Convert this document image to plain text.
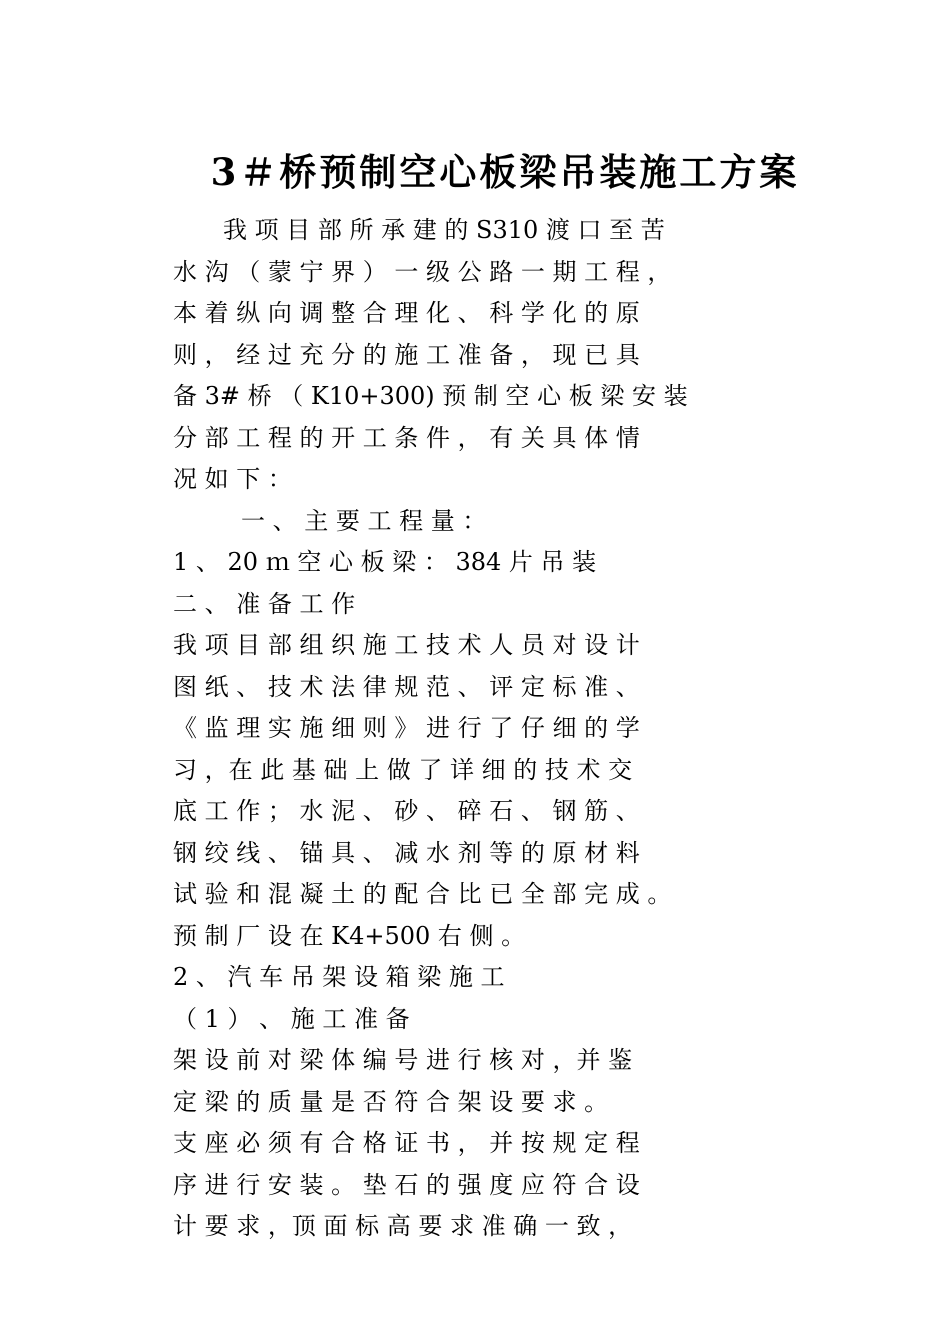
3＃桥预制空心板梁吊装施工方案
我 项 目 部 所 承 建 的 S310 渡 口 至 苦
水 沟 （ 蒙 宁 界 ） 一 级 公 路 一 期 工 程 ，
本 着 纵 向 调 整 合 理 化 、 科 学 化 的 原
则 ， 经 过 充 分 的 施 工 准 备 ， 现 已 具
备 3# 桥 （ K10+300) 预 制 空 心 板 梁 安 装
分 部 工 程 的 开 工 条 件 ， 有 关 具 体 情
况 如 下 ：
一 、 主 要 工 程 量 ：
1 、 20 ｍ 空 心 板 梁 ： 384 片 吊 装
二 、 准 备 工 作
我 项 目 部 组 织 施 工 技 术 人 员 对 设 计
图 纸 、 技 术 法 律 规 范 、 评 定 标 准 、
《 监 理 实 施 细 则 》 进 行 了 仔 细 的 学
习 ，在 此 基 础 上 做 了 详 细 的 技 术 交
底 工 作 ； 水 泥 、 砂 、 碎 石 、 钢 筋 、
钢 绞 线 、 锚 具 、 减 水 剂 等 的 原 材 料
试 验 和 混 凝 土 的 配 合 比 已 全 部 完 成 。
预 制 厂 设 在 K4+500 右 侧 。
2 、 汽 车 吊 架 设 箱 梁 施 工
（ 1 ） 、 施 工 准 备
架 设 前 对 梁 体 编 号 进 行 核 对 ，并 鉴
定 梁 的 质 量 是 否 符 合 架 设 要 求 。
支 座 必 须 有 合 格 证 书 ， 并 按 规 定 程
序 进 行 安 装 。 垫 石 的 强 度 应 符 合 设
计 要 求 ，顶 面 标 高 要 求 准 确 一 致 ，
